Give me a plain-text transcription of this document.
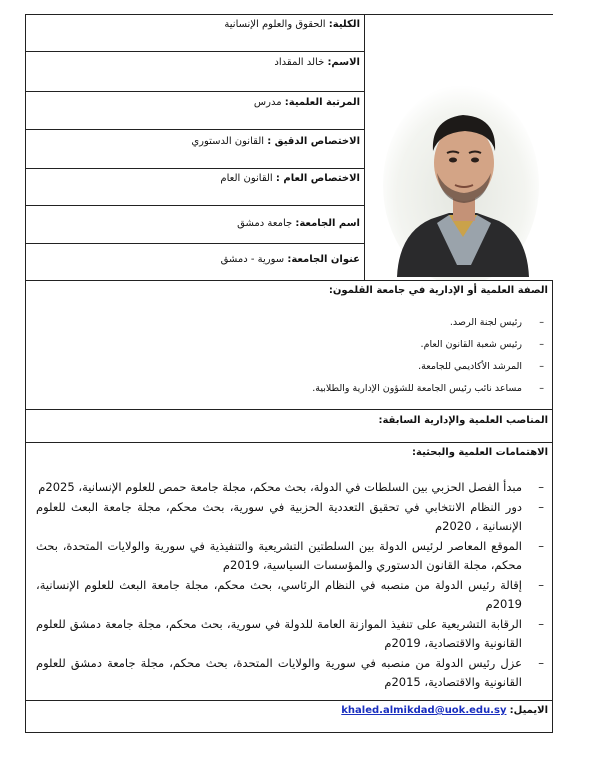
الكلية: الحقوق والعلوم الإنسانية

الاسم: خالد المقداد

المرتبة العلمية: مدرس

الاختصاص الدقيق : القانون الدستوري

الاختصاص العام : القانون العام

اسم الجامعة: جامعة دمشق

عنوان الجامعة: سورية - دمشق

الصفة العلمية أو الإدارية في جامعة القلمون:
– رئيس لجنة الرصد.
– رئيس شعبة القانون العام.
– المرشد الأكاديمي للجامعة.
– مساعد نائب رئيس الجامعة للشؤون الإدارية والطلابية.

المناصب العلمية والإدارية السابقة:

الاهتمامات العلمية والبحثية:
– مبدأ الفصل الحزبي بين السلطات في الدولة، بحث محكم، مجلة جامعة حمص للعلوم الإنسانية، 2025م
– دور النظام الانتخابي في تحقيق التعددية الحزبية في سورية، بحث محكم، مجلة جامعة البعث للعلوم الإنسانية ، 2020م
– الموقع المعاصر لرئيس الدولة بين السلطتين التشريعية والتنفيذية في سورية والولايات المتحدة، بحث محكم، مجلة القانون الدستوري والمؤسسات السياسية، 2019م
– إقالة رئيس الدولة من منصبه في النظام الرئاسي، بحث محكم، مجلة جامعة البعث للعلوم الإنسانية، 2019م
– الرقابة التشريعية على تنفيذ الموازنة العامة للدولة في سورية، بحث محكم، مجلة جامعة دمشق للعلوم القانونية والاقتصادية، 2019م
– عزل رئيس الدولة من منصبه في سورية والولايات المتحدة، بحث محكم، مجلة جامعة دمشق للعلوم القانونية والاقتصادية، 2015م

الايميل: khaled.almikdad@uok.edu.sy
